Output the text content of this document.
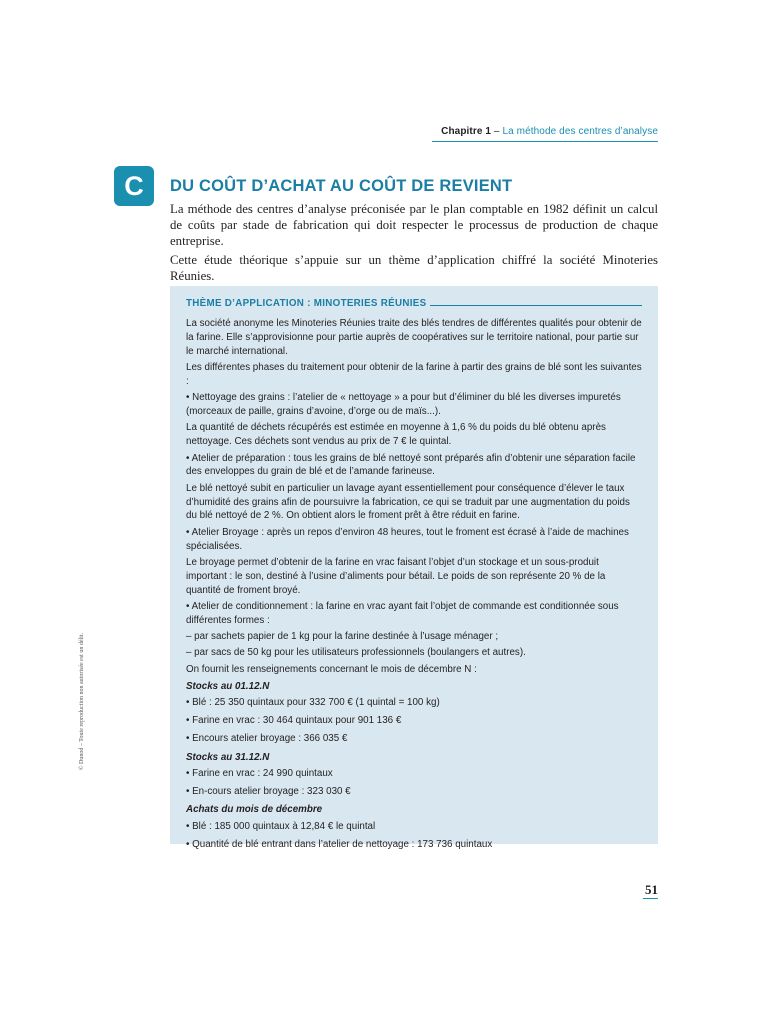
Chapitre 1 – La méthode des centres d’analyse
C	DU COÛT D’ACHAT AU COÛT DE REVIENT

La méthode des centres d’analyse préconisée par le plan comptable en 1982 définit un calcul de coûts par stade de fabrication qui doit respecter le processus de production de chaque entreprise.

Cette étude théorique s’appuie sur un thème d’application chiffré la société Minoteries Réunies.

THÈME D’APPLICATION : MINOTERIES RÉUNIES

La société anonyme les Minoteries Réunies traite des blés tendres de différentes qualités pour obtenir de la farine. Elle s’approvisionne pour partie auprès de coopératives sur le territoire national, pour partie sur le marché international.

Les différentes phases du traitement pour obtenir de la farine à partir des grains de blé sont les suivantes :

• Nettoyage des grains : l’atelier de « nettoyage » a pour but d’éliminer du blé les diverses impuretés (morceaux de paille, grains d’avoine, d’orge ou de maïs...).

La quantité de déchets récupérés est estimée en moyenne à 1,6 % du poids du blé obtenu après nettoyage. Ces déchets sont vendus au prix de 7 € le quintal.

• Atelier de préparation : tous les grains de blé nettoyé sont préparés afin d’obtenir une séparation facile des enveloppes du grain de blé et de l’amande farineuse.

Le blé nettoyé subit en particulier un lavage ayant essentiellement pour conséquence d’élever le taux d’humidité des grains afin de poursuivre la fabrication, ce qui se traduit par une augmentation du poids du blé nettoyé de 2 %. On obtient alors le froment prêt à être réduit en farine.

• Atelier Broyage : après un repos d’environ 48 heures, tout le froment est écrasé à l’aide de machines spécialisées.

Le broyage permet d’obtenir de la farine en vrac faisant l’objet d’un stockage et un sous-produit important : le son, destiné à l’usine d’aliments pour bétail. Le poids de son représente 20 % de la quantité de froment broyé.

• Atelier de conditionnement : la farine en vrac ayant fait l’objet de commande est conditionnée sous différentes formes :

– par sachets papier de 1 kg pour la farine destinée à l’usage ménager ;

– par sacs de 50 kg pour les utilisateurs professionnels (boulangers et autres).

On fournit les renseignements concernant le mois de décembre N :

Stocks au 01.12.N

• Blé : 25 350 quintaux pour 332 700 € (1 quintal = 100 kg)

• Farine en vrac : 30 464 quintaux pour 901 136 €

• Encours atelier broyage : 366 035 €

Stocks au 31.12.N

• Farine en vrac : 24 990 quintaux

• En-cours atelier broyage : 323 030 €

Achats du mois de décembre

• Blé : 185 000 quintaux à 12,84 € le quintal

• Quantité de blé entrant dans l’atelier de nettoyage : 173 736 quintaux

© Dunod – Toute reproduction non autorisée est un délit.
51
